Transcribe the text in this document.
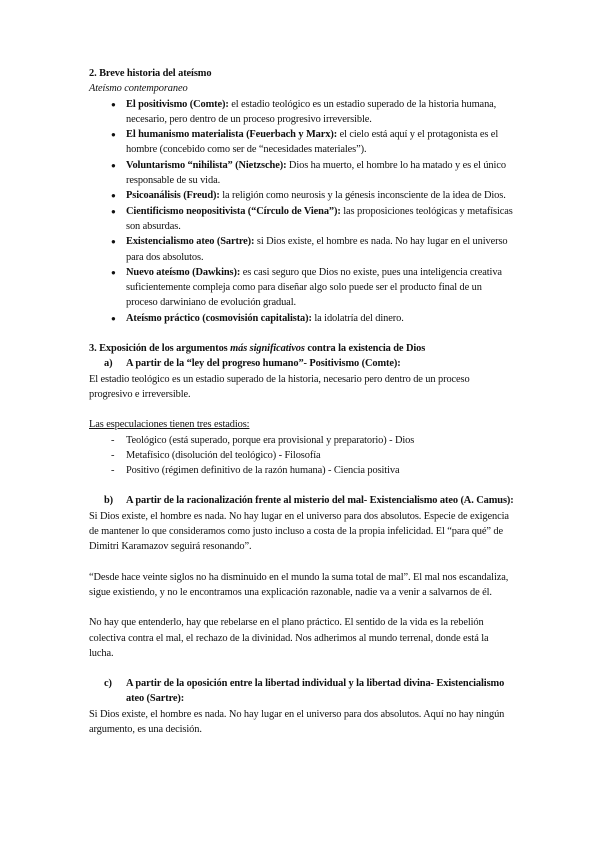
2. Breve historia del ateísmo
Ateísmo contemporaneo
● El positivismo (Comte): el estadio teológico es un estadio superado de la historia humana, necesario, pero dentro de un proceso progresivo irreversible.
● El humanismo materialista (Feuerbach y Marx): el cielo está aquí y el protagonista es el hombre (concebido como ser de “necesidades materiales”).
● Voluntarismo “nihilista” (Nietzsche): Dios ha muerto, el hombre lo ha matado y es el único responsable de su vida.
● Psicoanálisis (Freud): la religión como neurosis y la génesis inconsciente de la idea de Dios.
● Cientificismo neopositivista (“Círculo de Viena”): las proposiciones teológicas y metafísicas son absurdas.
● Existencialismo ateo (Sartre): si Dios existe, el hombre es nada. No hay lugar en el universo para dos absolutos.
● Nuevo ateísmo (Dawkins): es casi seguro que Dios no existe, pues una inteligencia creativa suficientemente compleja como para diseñar algo solo puede ser el producto final de un proceso darwiniano de evolución gradual.
● Ateísmo práctico (cosmovisión capitalista): la idolatría del dinero.
3. Exposición de los argumentos más significativos contra la existencia de Dios
a) A partir de la “ley del progreso humano”- Positivismo (Comte):

El estadio teológico es un estadio superado de la historia, necesario pero dentro de un proceso progresivo e irreversible.

Las especulaciones tienen tres estadios:
- Teológico (está superado, porque era provisional y preparatorio) - Dios
- Metafísico (disolución del teológico) - Filosofía
- Positivo (régimen definitivo de la razón humana) - Ciencia positiva
b) A partir de la racionalización frente al misterio del mal- Existencialismo ateo (A. Camus):

Si Dios existe, el hombre es nada. No hay lugar en el universo para dos absolutos. Especie de exigencia de mantener lo que consideramos como justo incluso a costa de la propia infelicidad. El “para qué” de Dimitri Karamazov seguirá resonando”.

“Desde hace veinte siglos no ha disminuido en el mundo la suma total de mal”. El mal nos escandaliza, sigue existiendo, y no le encontramos una explicación razonable, nadie va a venir a salvarnos de él.

No hay que entenderlo, hay que rebelarse en el plano práctico. El sentido de la vida es la rebelión colectiva contra el mal, el rechazo de la divinidad. Nos adherimos al mundo terrenal, donde está la lucha.

c) A partir de la oposición entre la libertad individual y la libertad divina- Existencialismo ateo (Sartre):

Si Dios existe, el hombre es nada. No hay lugar en el universo para dos absolutos. Aquí no hay ningún argumento, es una decisión.
